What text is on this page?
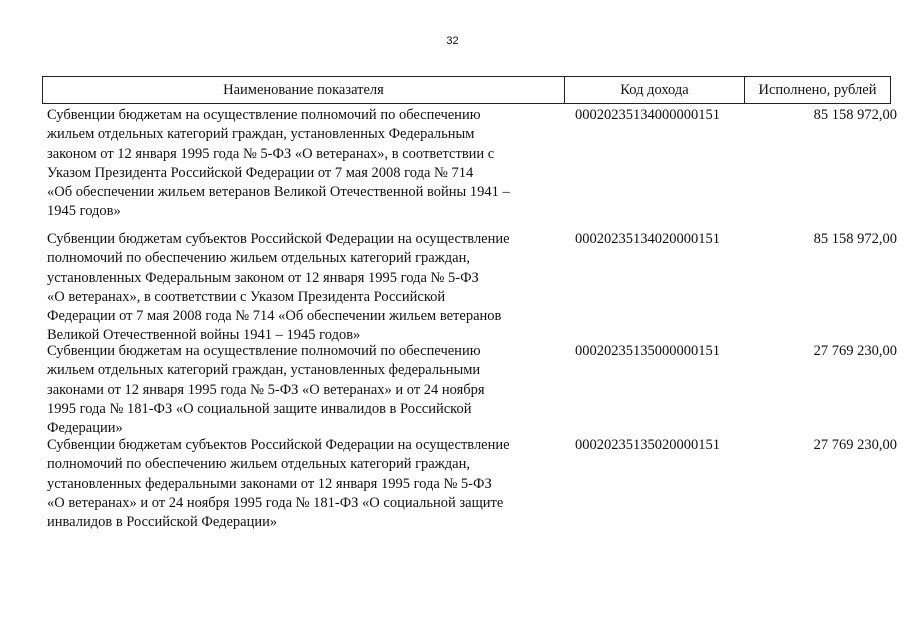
32
Наименование показателя	Код дохода	Исполнено, рублей
Субвенции бюджетам на осуществление полномочий по обеспечению
жильем отдельных категорий граждан, установленных Федеральным
законом от 12 января 1995 года № 5-ФЗ «О ветеранах», в соответствии с
Указом Президента Российской Федерации от 7 мая 2008 года № 714
«Об обеспечении жильем ветеранов Великой Отечественной войны 1941 –
1945 годов»
00020235134000000151	85 158 972,00
Субвенции бюджетам субъектов Российской Федерации на осуществление
полномочий по обеспечению жильем отдельных категорий граждан,
установленных Федеральным законом от 12 января 1995 года № 5-ФЗ
«О ветеранах», в соответствии с Указом Президента Российской
Федерации от 7 мая 2008 года № 714 «Об обеспечении жильем ветеранов
Великой Отечественной войны 1941 – 1945 годов»
00020235134020000151	85 158 972,00
Субвенции бюджетам на осуществление полномочий по обеспечению
жильем отдельных категорий граждан, установленных федеральными
законами от 12 января 1995 года № 5-ФЗ «О ветеранах» и от 24 ноября
1995 года № 181-ФЗ «О социальной защите инвалидов в Российской
Федерации»
00020235135000000151	27 769 230,00
Субвенции бюджетам субъектов Российской Федерации на осуществление
полномочий по обеспечению жильем отдельных категорий граждан,
установленных федеральными законами от 12 января 1995 года № 5-ФЗ
«О ветеранах» и от 24 ноября 1995 года № 181-ФЗ «О социальной защите
инвалидов в Российской Федерации»
00020235135020000151	27 769 230,00
